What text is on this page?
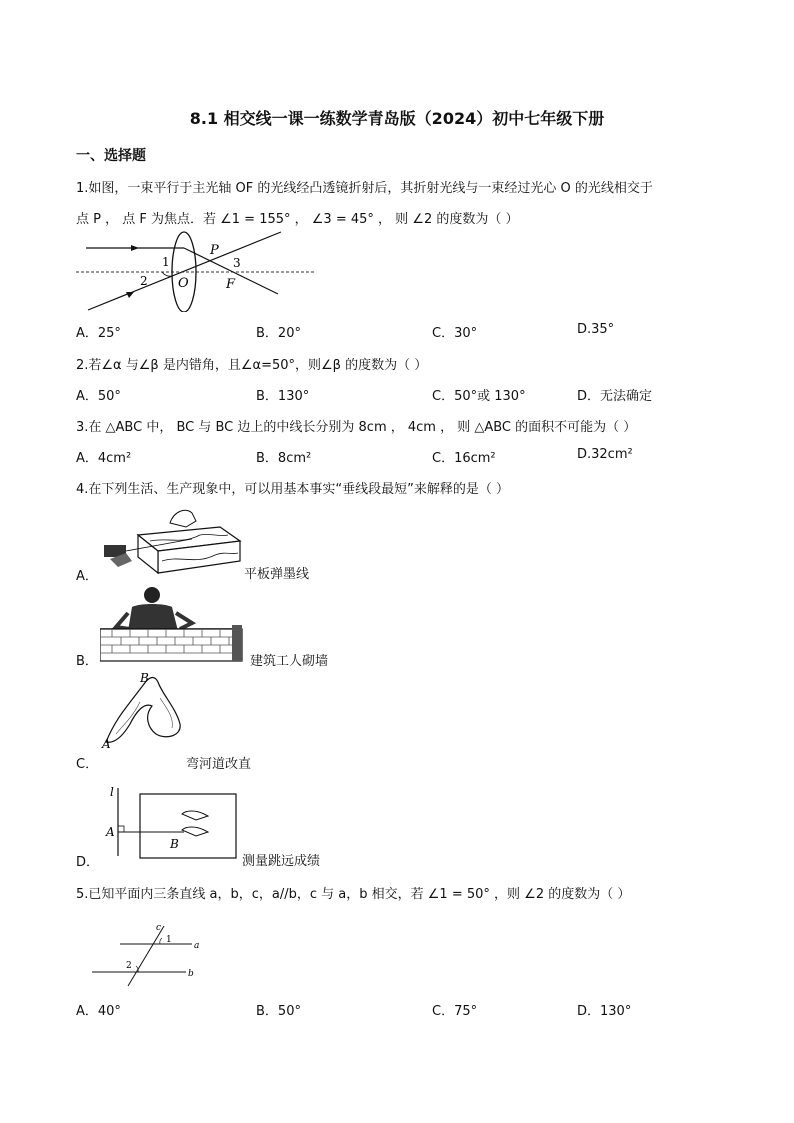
8.1 相交线一课一练数学青岛版（2024）初中七年级下册
一、选择题
1.如图，一束平行于主光轴 OF 的光线经凸透镜折射后，其折射光线与一束经过光心 O 的光线相交于
点 P ， 点 F 为焦点．若 ∠1 = 155° ， ∠3 = 45° ， 则 ∠2 的度数为（ ）
P
O	F
1
2
3
A．25°	B．20°	C．30°	D.35°
2.若∠α 与∠β 是内错角，且∠α=50°，则∠β 的度数为（ ）
A．50°	B．130°	C．50°或 130°	D．无法确定
3.在 △ABC 中， BC 与 BC 边上的中线长分别为 8cm ， 4cm ， 则 △ABC 的面积不可能为（ ）
A．4cm²	B．8cm²	C．16cm²	D.32cm²
4.在下列生活、生产现象中，可以用基本事实“垂线段最短”来解释的是（ ）
A．	平板弹墨线
B．	建筑工人砌墙
C．
B
A
弯河道改直
D．
l
A
B
测量跳远成绩
5.已知平面内三条直线 a，b，c，a//b，c 与 a，b 相交，若 ∠1 = 50° ，则 ∠2 的度数为（ ）
c
a
b
1
2
A．40°	B．50°	C．75°	D．130°
